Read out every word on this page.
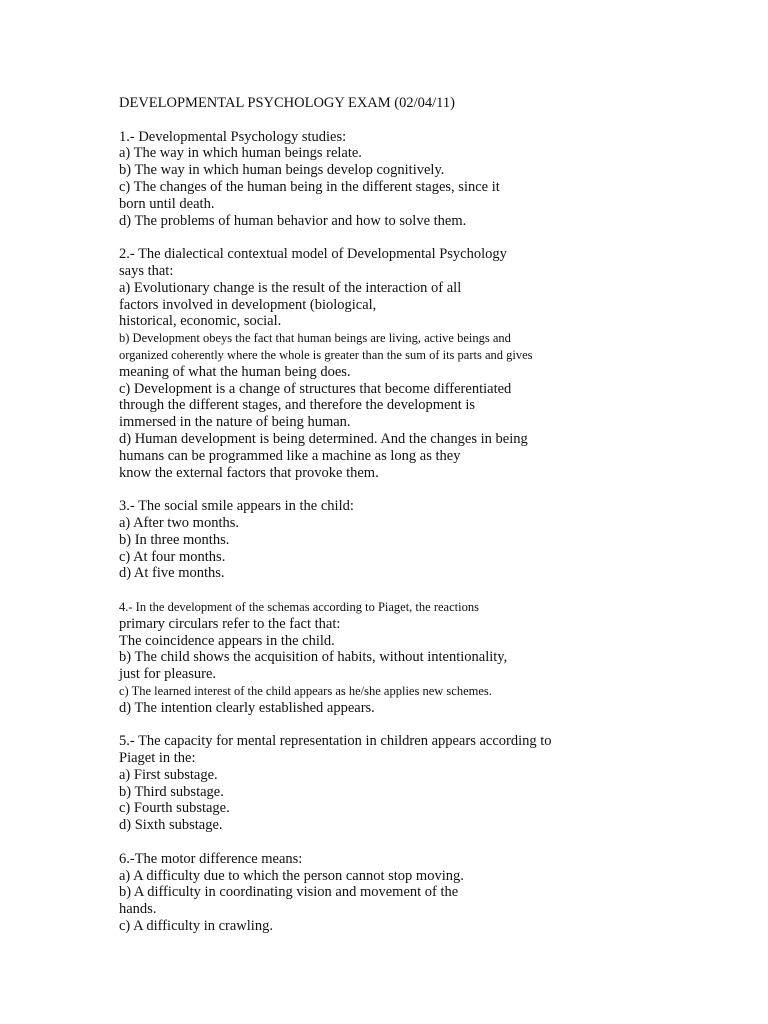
DEVELOPMENTAL PSYCHOLOGY EXAM (02/04/11)

1.- Developmental Psychology studies:

a) The way in which human beings relate.

b) The way in which human beings develop cognitively.

c) The changes of the human being in the different stages, since it

born until death.

d) The problems of human behavior and how to solve them.

2.- The dialectical contextual model of Developmental Psychology

says that:

a) Evolutionary change is the result of the interaction of all

factors involved in development (biological,

historical, economic, social.

b) Development obeys the fact that human beings are living, active beings and

organized coherently where the whole is greater than the sum of its parts and gives

meaning of what the human being does.

c) Development is a change of structures that become differentiated

through the different stages, and therefore the development is

immersed in the nature of being human.

d) Human development is being determined. And the changes in being

humans can be programmed like a machine as long as they

know the external factors that provoke them.

3.- The social smile appears in the child:

a) After two months.

b) In three months.

c) At four months.

d) At five months.

4.- In the development of the schemas according to Piaget, the reactions

primary circulars refer to the fact that:

The coincidence appears in the child.

b) The child shows the acquisition of habits, without intentionality,

just for pleasure.

c) The learned interest of the child appears as he/she applies new schemes.

d) The intention clearly established appears.

5.- The capacity for mental representation in children appears according to

Piaget in the:

a) First substage.

b) Third substage.

c) Fourth substage.

d) Sixth substage.

6.-The motor difference means:

a) A difficulty due to which the person cannot stop moving.

b) A difficulty in coordinating vision and movement of the

hands.

c) A difficulty in crawling.
